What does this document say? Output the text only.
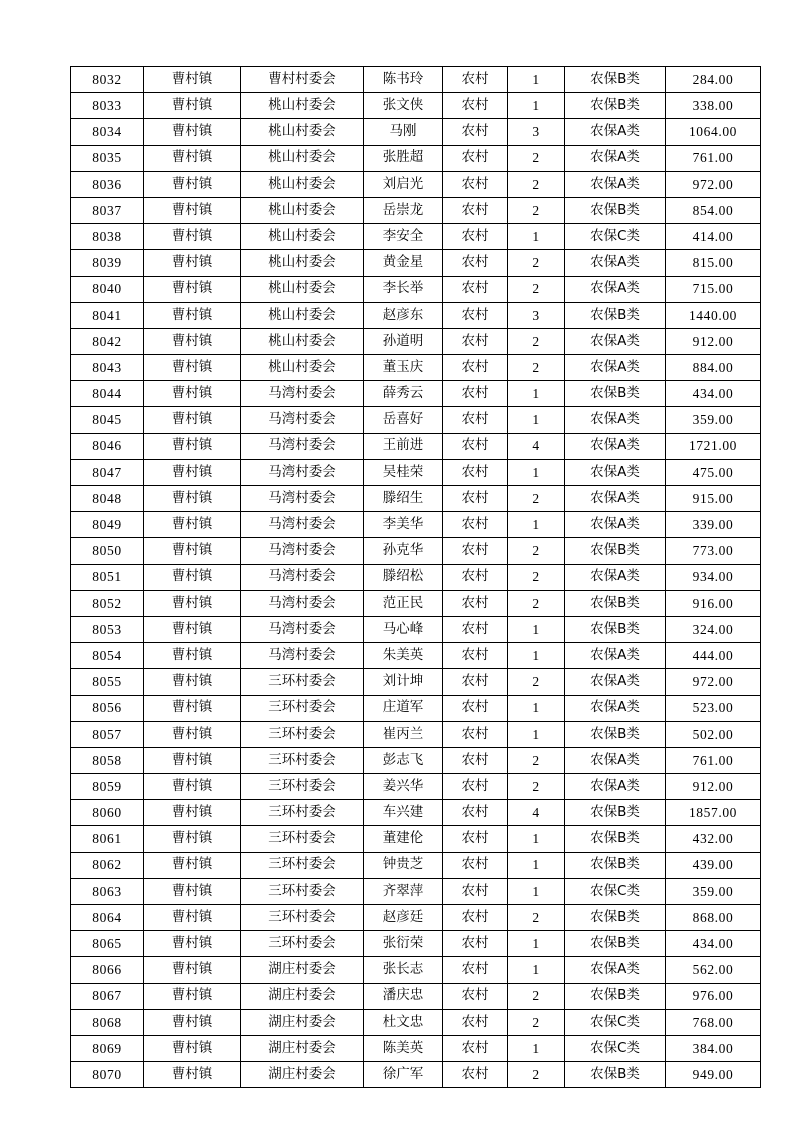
8032	曹村镇	曹村村委会	陈书玲	农村	1	农保B类	284.00
8033	曹村镇	桃山村委会	张文侠	农村	1	农保B类	338.00
8034	曹村镇	桃山村委会	马刚	农村	3	农保A类	1064.00
8035	曹村镇	桃山村委会	张胜超	农村	2	农保A类	761.00
8036	曹村镇	桃山村委会	刘启光	农村	2	农保A类	972.00
8037	曹村镇	桃山村委会	岳崇龙	农村	2	农保B类	854.00
8038	曹村镇	桃山村委会	李安全	农村	1	农保C类	414.00
8039	曹村镇	桃山村委会	黄金星	农村	2	农保A类	815.00
8040	曹村镇	桃山村委会	李长举	农村	2	农保A类	715.00
8041	曹村镇	桃山村委会	赵彦东	农村	3	农保B类	1440.00
8042	曹村镇	桃山村委会	孙道明	农村	2	农保A类	912.00
8043	曹村镇	桃山村委会	董玉庆	农村	2	农保A类	884.00
8044	曹村镇	马湾村委会	薛秀云	农村	1	农保B类	434.00
8045	曹村镇	马湾村委会	岳喜好	农村	1	农保A类	359.00
8046	曹村镇	马湾村委会	王前进	农村	4	农保A类	1721.00
8047	曹村镇	马湾村委会	吴桂荣	农村	1	农保A类	475.00
8048	曹村镇	马湾村委会	滕绍生	农村	2	农保A类	915.00
8049	曹村镇	马湾村委会	李美华	农村	1	农保A类	339.00
8050	曹村镇	马湾村委会	孙克华	农村	2	农保B类	773.00
8051	曹村镇	马湾村委会	滕绍松	农村	2	农保A类	934.00
8052	曹村镇	马湾村委会	范正民	农村	2	农保B类	916.00
8053	曹村镇	马湾村委会	马心峰	农村	1	农保B类	324.00
8054	曹村镇	马湾村委会	朱美英	农村	1	农保A类	444.00
8055	曹村镇	三环村委会	刘计坤	农村	2	农保A类	972.00
8056	曹村镇	三环村委会	庄道军	农村	1	农保A类	523.00
8057	曹村镇	三环村委会	崔丙兰	农村	1	农保B类	502.00
8058	曹村镇	三环村委会	彭志飞	农村	2	农保A类	761.00
8059	曹村镇	三环村委会	姜兴华	农村	2	农保A类	912.00
8060	曹村镇	三环村委会	车兴建	农村	4	农保B类	1857.00
8061	曹村镇	三环村委会	董建伦	农村	1	农保B类	432.00
8062	曹村镇	三环村委会	钟贵芝	农村	1	农保B类	439.00
8063	曹村镇	三环村委会	齐翠萍	农村	1	农保C类	359.00
8064	曹村镇	三环村委会	赵彦廷	农村	2	农保B类	868.00
8065	曹村镇	三环村委会	张衍荣	农村	1	农保B类	434.00
8066	曹村镇	湖庄村委会	张长志	农村	1	农保A类	562.00
8067	曹村镇	湖庄村委会	潘庆忠	农村	2	农保B类	976.00
8068	曹村镇	湖庄村委会	杜文忠	农村	2	农保C类	768.00
8069	曹村镇	湖庄村委会	陈美英	农村	1	农保C类	384.00
8070	曹村镇	湖庄村委会	徐广军	农村	2	农保B类	949.00
